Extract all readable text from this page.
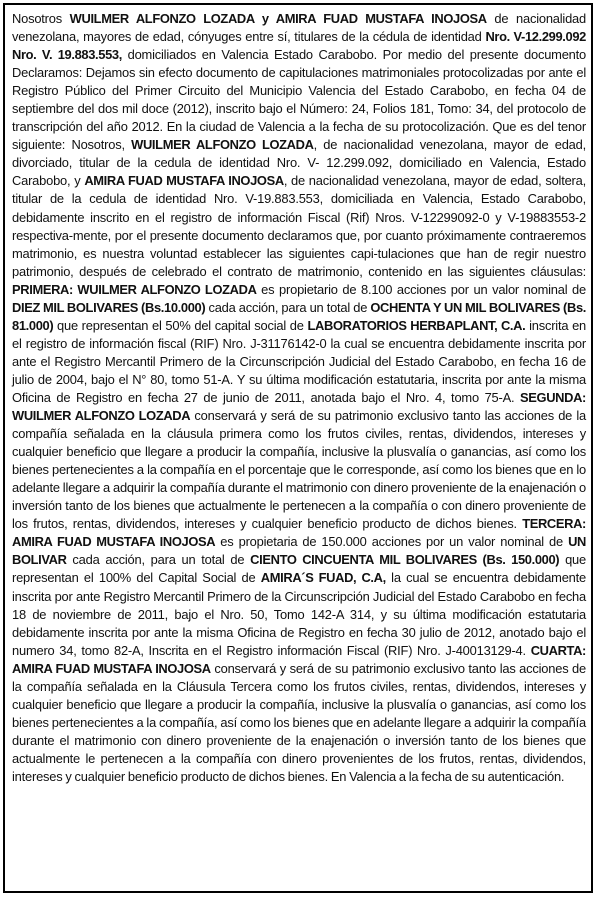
Nosotros WUILMER ALFONZO LOZADA y AMIRA FUAD MUSTAFA INOJOSA de nacionalidad venezolana, mayores de edad, cónyuges entre sí, titulares de la cédula de identidad Nro. V-12.299.092 Nro. V. 19.883.553, domiciliados en Valencia Estado Carabobo. Por medio del presente documento Declaramos: Dejamos sin efecto documento de capitulaciones matrimoniales protocolizadas por ante el Registro Público del Primer Circuito del Municipio Valencia del Estado Carabobo, en fecha 04 de septiembre del dos mil doce (2012), inscrito bajo el Número: 24, Folios 181, Tomo: 34, del protocolo de transcripción del año 2012. En la ciudad de Valencia a la fecha de su protocolización. Que es del tenor siguiente: Nosotros, WUILMER ALFONZO LOZADA, de nacionalidad venezolana, mayor de edad, divorciado, titular de la cedula de identidad Nro. V- 12.299.092, domiciliado en Valencia, Estado Carabobo, y AMIRA FUAD MUSTAFA INOJOSA, de nacionalidad venezolana, mayor de edad, soltera, titular de la cedula de identidad Nro. V-19.883.553, domiciliada en Valencia, Estado Carabobo, debidamente inscrito en el registro de información Fiscal (Rif) Nros. V-12299092-0 y V-19883553-2 respectiva-mente, por el presente documento declaramos que, por cuanto próximamente contraeremos matrimonio, es nuestra voluntad establecer las siguientes capi-tulaciones que han de regir nuestro patrimonio, después de celebrado el contrato de matrimonio, contenido en las siguientes cláusulas: PRIMERA: WUILMER ALFONZO LOZADA es propietario de 8.100 acciones por un valor nominal de DIEZ MIL BOLIVARES (Bs.10.000) cada acción, para un total de OCHENTA Y UN MIL BOLIVARES (Bs. 81.000) que representan el 50% del capital social de LABORATORIOS HERBAPLANT, C.A. inscrita en el registro de información fiscal (RIF) Nro. J-31176142-0 la cual se encuentra debidamente inscrita por ante el Registro Mercantil Primero de la Circunscripción Judicial del Estado Carabobo, en fecha 16 de julio de 2004, bajo el N° 80, tomo 51-A. Y su última modificación estatutaria, inscrita por ante la misma Oficina de Registro en fecha 27 de junio de 2011, anotada bajo el Nro. 4, tomo 75-A. SEGUNDA: WUILMER ALFONZO LOZADA conservará y será de su patrimonio exclusivo tanto las acciones de la compañía señalada en la cláusula primera como los frutos civiles, rentas, dividendos, intereses y cualquier beneficio que llegare a producir la compañía, inclusive la plusvalía o ganancias, así como los bienes pertenecientes a la compañía en el porcentaje que le corresponde, así como los bienes que en lo adelante llegare a adquirir la compañía durante el matrimonio con dinero proveniente de la enajenación o inversión tanto de los bienes que actualmente le pertenecen a la compañía o con dinero proveniente de los frutos, rentas, dividendos, intereses y cualquier beneficio producto de dichos bienes. TERCERA: AMIRA FUAD MUSTAFA INOJOSA es propietaria de 150.000 acciones por un valor nominal de UN BOLIVAR cada acción, para un total de CIENTO CINCUENTA MIL BOLIVARES (Bs. 150.000) que representan el 100% del Capital Social de AMIRA´S FUAD, C.A, la cual se encuentra debidamente inscrita por ante Registro Mercantil Primero de la Circunscripción Judicial del Estado Carabobo en fecha 18 de noviembre de 2011, bajo el Nro. 50, Tomo 142-A 314, y su última modificación estatutaria debidamente inscrita por ante la misma Oficina de Registro en fecha 30 julio de 2012, anotado bajo el numero 34, tomo 82-A, Inscrita en el Registro información Fiscal (RIF) Nro. J-40013129-4. CUARTA: AMIRA FUAD MUSTAFA INOJOSA conservará y será de su patrimonio exclusivo tanto las acciones de la compañía señalada en la Cláusula Tercera como los frutos civiles, rentas, dividendos, intereses y cualquier beneficio que llegare a producir la compañía, inclusive la plusvalía o ganancias, así como los bienes pertenecientes a la compañía, así como los bienes que en adelante llegare a adquirir la compañía durante el matrimonio con dinero proveniente de la enajenación o inversión tanto de los bienes que actualmente le pertenecen a la compañía con dinero provenientes de los frutos, rentas, dividendos, intereses y cualquier beneficio producto de dichos bienes. En Valencia a la fecha de su autenticación.
